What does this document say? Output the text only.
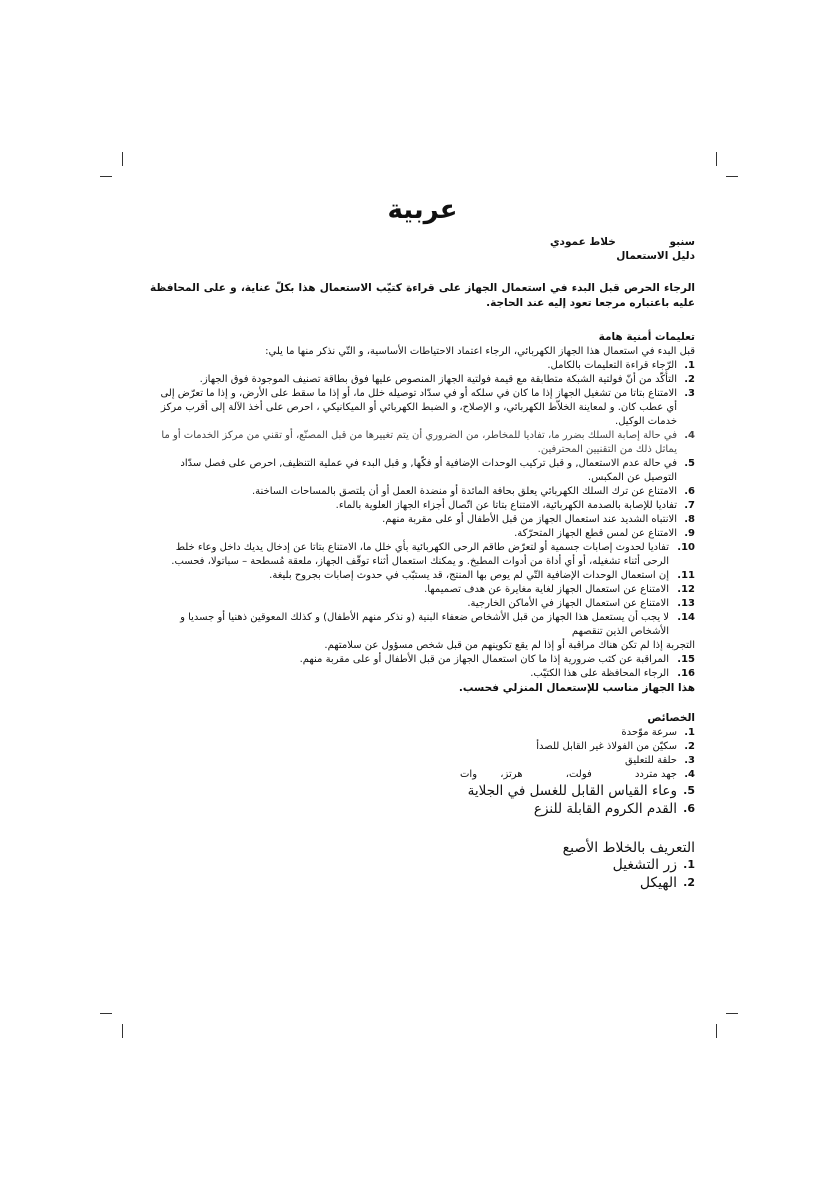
عربية
سنبو خلاط عمودي
دليل الاستعمال
الرجاء الحرص قبل البدء في استعمال الجهاز على قراءة كتيّب الاستعمال هذا بكلّ عناية، و على المحافظة عليه باعتباره مرجعا تعود إليه عند الحاجة.
تعليمات أمنية هامة
قبل البدء في استعمال هذا الجهاز الكهربائي، الرجاء اعتماد الاحتياطات الأساسية، و التّي نذكر منها ما يلي:
1.
الرّجاء قراءة التعليمات بالكامل.
2.
التأكّد من أنّ فولتية الشبكة متطابقة مع قيمة فولتية الجهاز المنصوص عليها فوق بطاقة تصنيف الموجودة فوق الجهاز.
3.
الامتناع بتاتا من تشغيل الجهاز إذا ما كان في سلكه أو في سدّاد توصيله خلل ما، أو إذا ما سقط على الأرض، و إذا ما تعرّض إلى أي عطب كان. و لمعاينة الخلاّط الكهربائي، و الإصلاح، و الضبط الكهربائي أو الميكانيكي ، احرص على أخذ الآلة إلى أقرب مركز خدمات الوكيل.
4.
في حالة إصابة السلك بضرر ما، تفاديا للمخاطر، من الضروري أن يتم تغييرها من قبل المصنّع، أو تقني من مركز الخدمات أو ما يماثل ذلك من التقنيين المحترفين.
5.
في حالة عدم الاستعمال, و قبل تركيب الوحدات الإضافية أو فكّها, و قبل البدء في عملية التنظيف, احرص على فصل سدّاد التوصيل عن المكبس.
6.
الامتناع عن ترك السلك الكهربائي يعلق بحافة المائدة أو منضدة العمل أو أن يلتصق بالمساحات الساخنة.
7.
تفاديا للإصابة بالصدمة الكهربائية، الامتناع بتاتا عن اتّصال أجزاء الجهاز العلوية بالماء.
8.
الانتباه الشديد عند استعمال الجهاز من قبل الأطفال أو على مقربة منهم.
9.
الامتناع عن لمس قطع الجهاز المتحرّكة.
10.
تفاديا لحدوث إصابات جسمية أو لتعرّض طاقم الرحى الكهربائية بأي خلل ما، الامتناع بتاتا عن إدخال يديك داخل وعاء خلط الرحى أثناء تشغيله، أو أي أداة من أدوات المطبخ. و يمكنك استعمال أثناء توقّف الجهاز، ملعقة مُسطحة – سباتولا، فحسب.
11.
إن استعمال الوحدات الإضافية التّي لم يوص بها المنتج، قد يستبّب في حدوث إصابات بجروح بليغة.
12.
الامتناع عن استعمال الجهاز لغاية مغايرة عن هدف تصميمها.
13.
الامتناع عن استعمال الجهاز في الأماكن الخارجية.
14.
لا يجب أن يستعمل هذا الجهاز من قبل الأشخاص ضعفاء البنية (و نذكر منهم الأطفال) و كذلك المعوقين ذهنيا أو جسديا و الأشخاص الذين تنقصهم
التجربة إذا لم تكن هناك مراقبة أو إذا لم يقع تكوينهم من قبل شخص مسؤول عن سلامتهم.
15.
المراقبة عن كثب ضرورية إذا ما كان استعمال الجهاز من قبل الأطفال أو على مقربة منهم.
16.
الرجاء المحافظة على هذا الكتيّب.
هذا الجهاز مناسب للإستعمال المنزلي فحسب.
الخصائص
1.
سرعة موّحدة
2.
سكيّن من الفولاذ غير القابل للصدأ
3.
حلقة للتعليق
4.
جهد متردد فولت، هرتز، وات
5.
وعاء القياس القابل للغسل في الجلاية
6.
القدم الكروم القابلة للنزع
التعريف بالخلاط الأصبع
1.
زر التشغيل
2.
الهيكل
